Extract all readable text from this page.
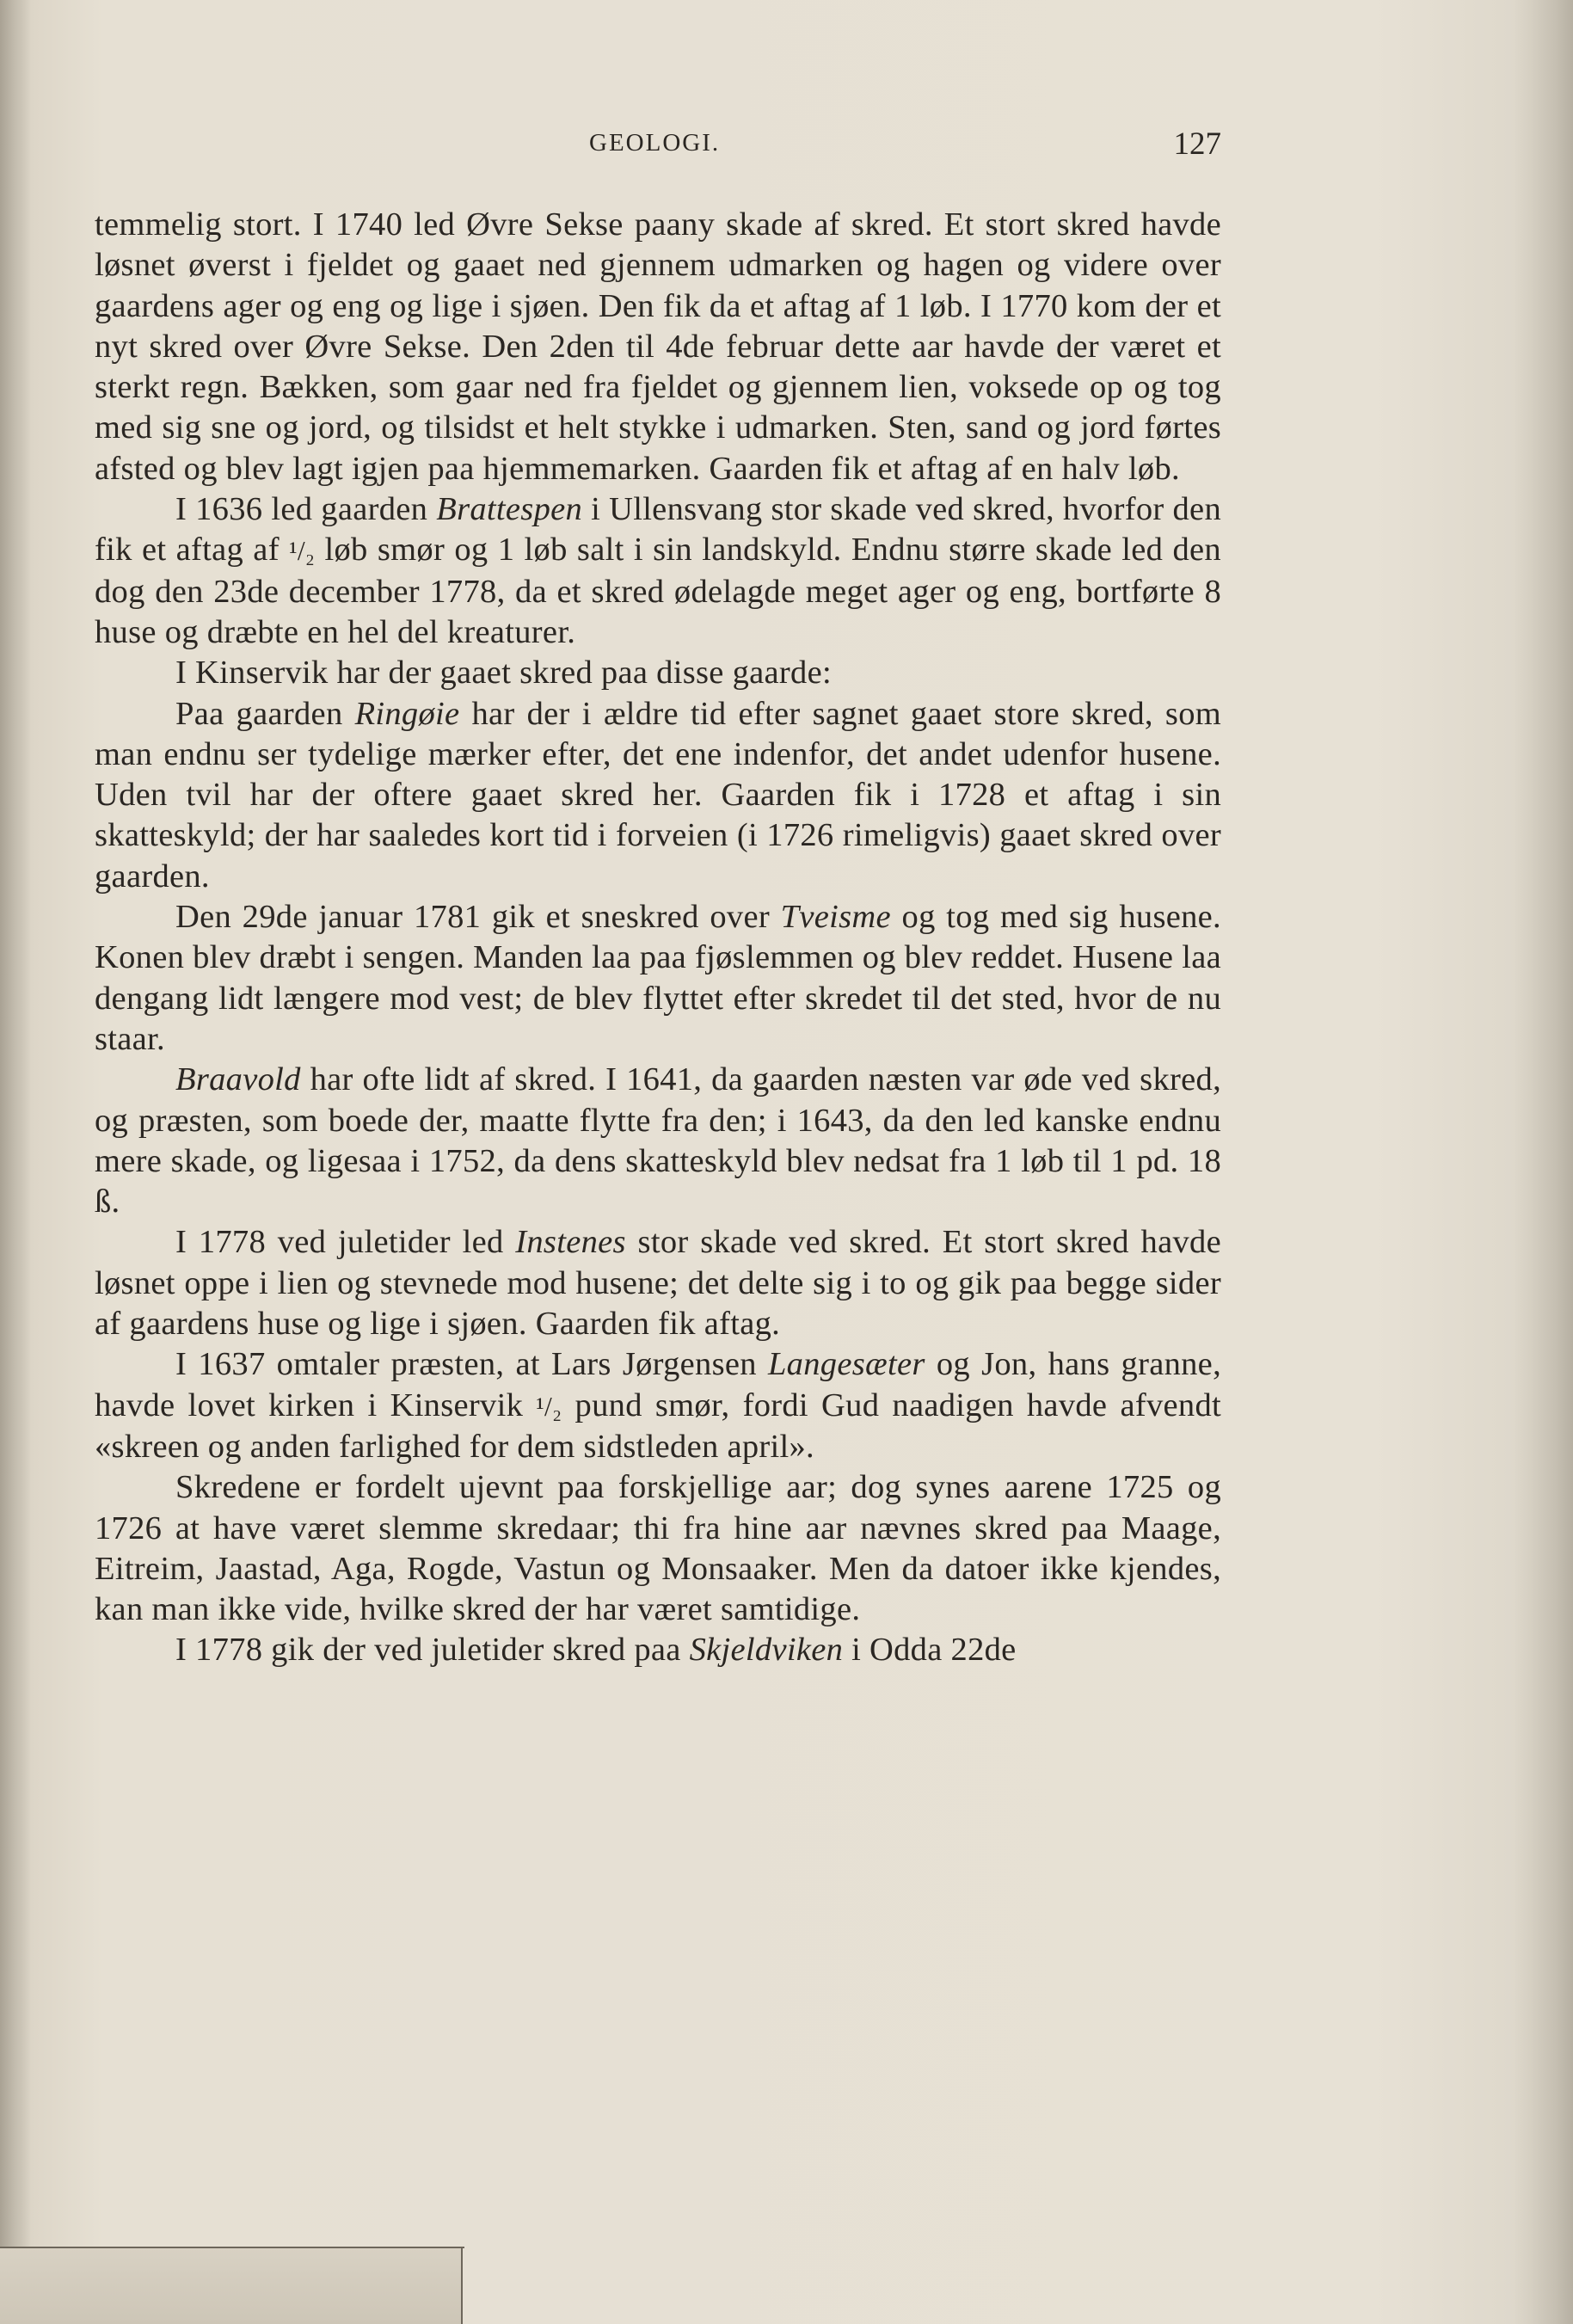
GEOLOGI.	127

temmelig stort. I 1740 led Øvre Sekse paany skade af skred. Et stort skred havde løsnet øverst i fjeldet og gaaet ned gjennem udmarken og hagen og videre over gaardens ager og eng og lige i sjøen. Den fik da et aftag af 1 løb. I 1770 kom der et nyt skred over Øvre Sekse. Den 2den til 4de februar dette aar havde der været et sterkt regn. Bækken, som gaar ned fra fjeldet og gjennem lien, voksede op og tog med sig sne og jord, og tilsidst et helt stykke i udmarken. Sten, sand og jord førtes afsted og blev lagt igjen paa hjemmemarken. Gaarden fik et aftag af en halv løb.

I 1636 led gaarden Brattespen i Ullensvang stor skade ved skred, hvorfor den fik et aftag af ¹/₂ løb smør og 1 løb salt i sin landskyld. Endnu større skade led den dog den 23de december 1778, da et skred ødelagde meget ager og eng, bortførte 8 huse og dræbte en hel del kreaturer.

I Kinservik har der gaaet skred paa disse gaarde:

Paa gaarden Ringøie har der i ældre tid efter sagnet gaaet store skred, som man endnu ser tydelige mærker efter, det ene indenfor, det andet udenfor husene. Uden tvil har der oftere gaaet skred her. Gaarden fik i 1728 et aftag i sin skatteskyld; der har saaledes kort tid i forveien (i 1726 rimeligvis) gaaet skred over gaarden.

Den 29de januar 1781 gik et sneskred over Tveisme og tog med sig husene. Konen blev dræbt i sengen. Manden laa paa fjøslemmen og blev reddet. Husene laa dengang lidt længere mod vest; de blev flyttet efter skredet til det sted, hvor de nu staar.

Braavold har ofte lidt af skred. I 1641, da gaarden næsten var øde ved skred, og præsten, som boede der, maatte flytte fra den; i 1643, da den led kanske endnu mere skade, og ligesaa i 1752, da dens skatteskyld blev nedsat fra 1 løb til 1 pd. 18 ß.

I 1778 ved juletider led Instenes stor skade ved skred. Et stort skred havde løsnet oppe i lien og stevnede mod husene; det delte sig i to og gik paa begge sider af gaardens huse og lige i sjøen. Gaarden fik aftag.

I 1637 omtaler præsten, at Lars Jørgensen Langesæter og Jon, hans granne, havde lovet kirken i Kinservik ¹/₂ pund smør, fordi Gud naadigen havde afvendt «skreen og anden farlighed for dem sidstleden april».

Skredene er fordelt ujevnt paa forskjellige aar; dog synes aarene 1725 og 1726 at have været slemme skredaar; thi fra hine aar nævnes skred paa Maage, Eitreim, Jaastad, Aga, Rogde, Vastun og Monsaaker. Men da datoer ikke kjendes, kan man ikke vide, hvilke skred der har været samtidige.

I 1778 gik der ved juletider skred paa Skjeldviken i Odda 22de
